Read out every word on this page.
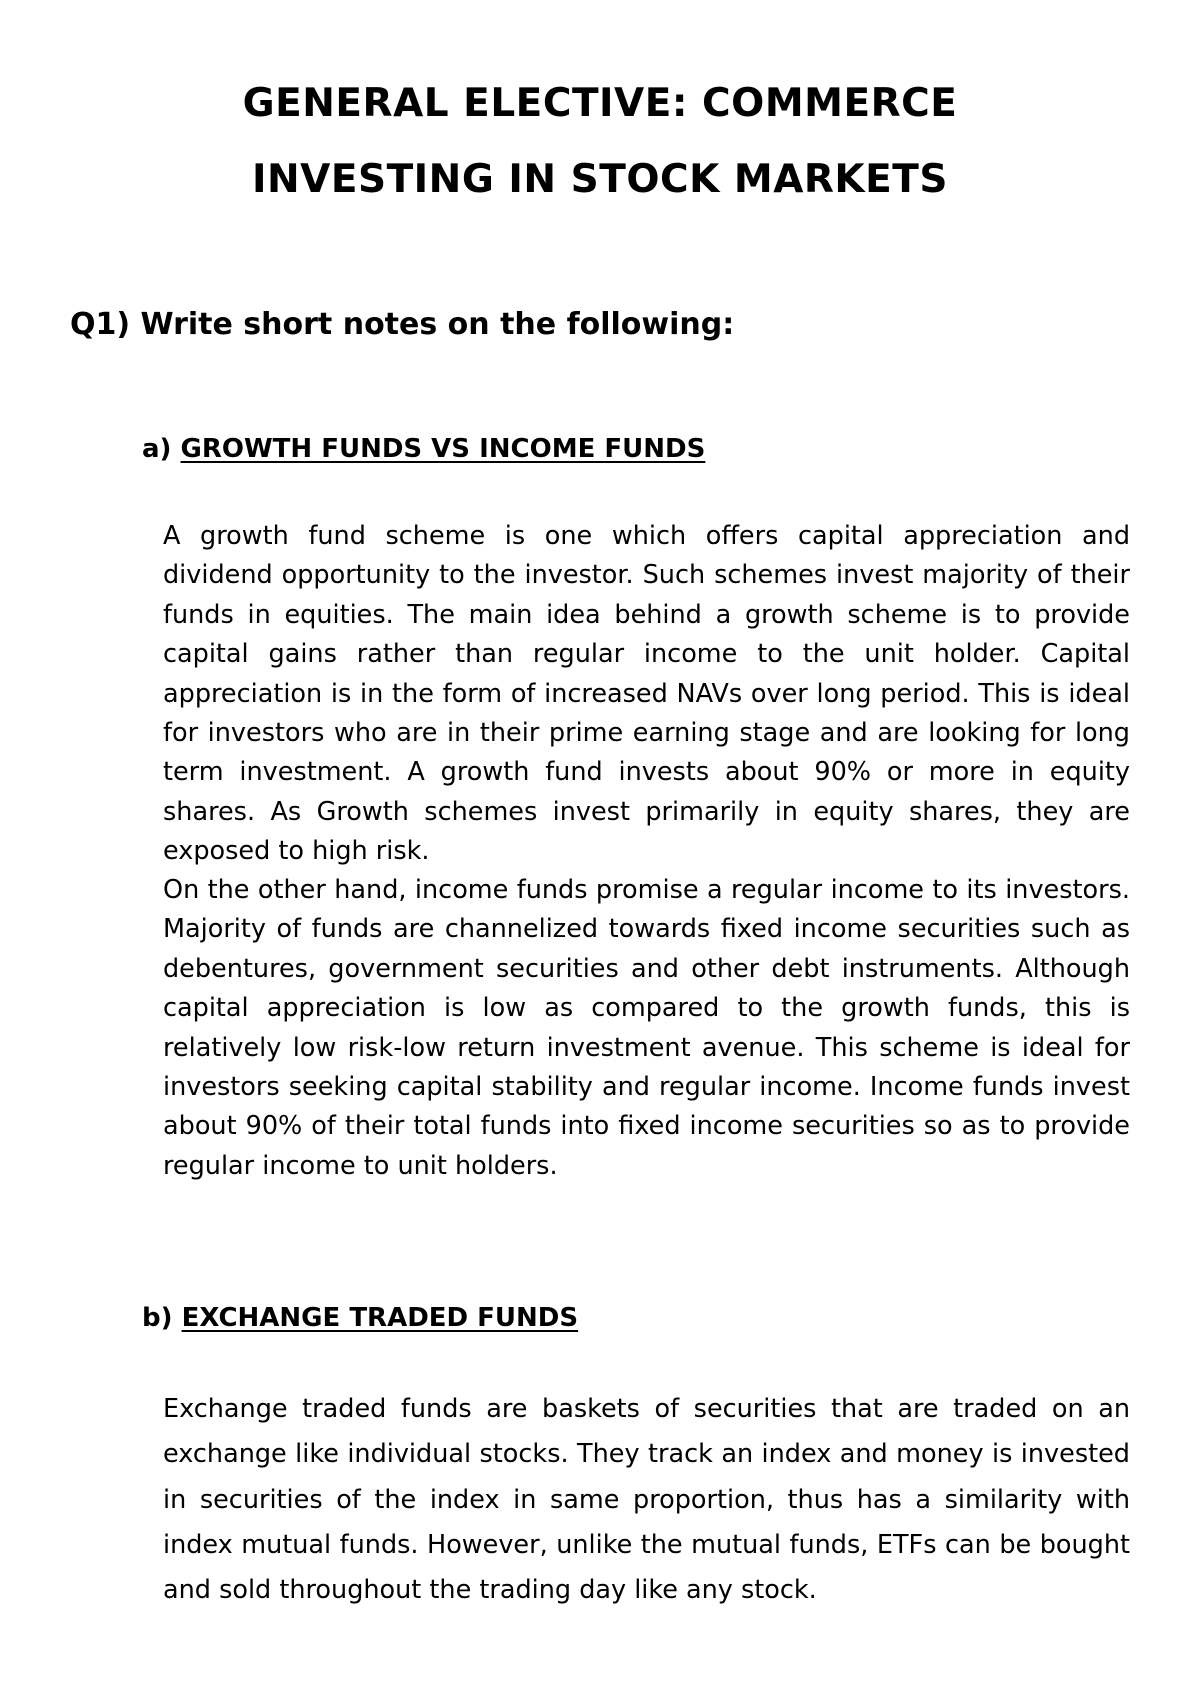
GENERAL ELECTIVE: COMMERCE
INVESTING IN STOCK MARKETS
Q1) Write short notes on the following:
a) GROWTH FUNDS VS INCOME FUNDS

A growth fund scheme is one which offers capital appreciation and dividend opportunity to the investor. Such schemes invest majority of their funds in equities. The main idea behind a growth scheme is to provide capital gains rather than regular income to the unit holder. Capital appreciation is in the form of increased NAVs over long period. This is ideal for investors who are in their prime earning stage and are looking for long term investment. A growth fund invests about 90% or more in equity shares. As Growth schemes invest primarily in equity shares, they are exposed to high risk.

On the other hand, income funds promise a regular income to its investors. Majority of funds are channelized towards fixed income securities such as debentures, government securities and other debt instruments. Although capital appreciation is low as compared to the growth funds, this is relatively low risk-low return investment avenue. This scheme is ideal for investors seeking capital stability and regular income. Income funds invest about 90% of their total funds into fixed income securities so as to provide regular income to unit holders.

b) EXCHANGE TRADED FUNDS

Exchange traded funds are baskets of securities that are traded on an exchange like individual stocks. They track an index and money is invested in securities of the index in same proportion, thus has a similarity with index mutual funds. However, unlike the mutual funds, ETFs can be bought and sold throughout the trading day like any stock.
